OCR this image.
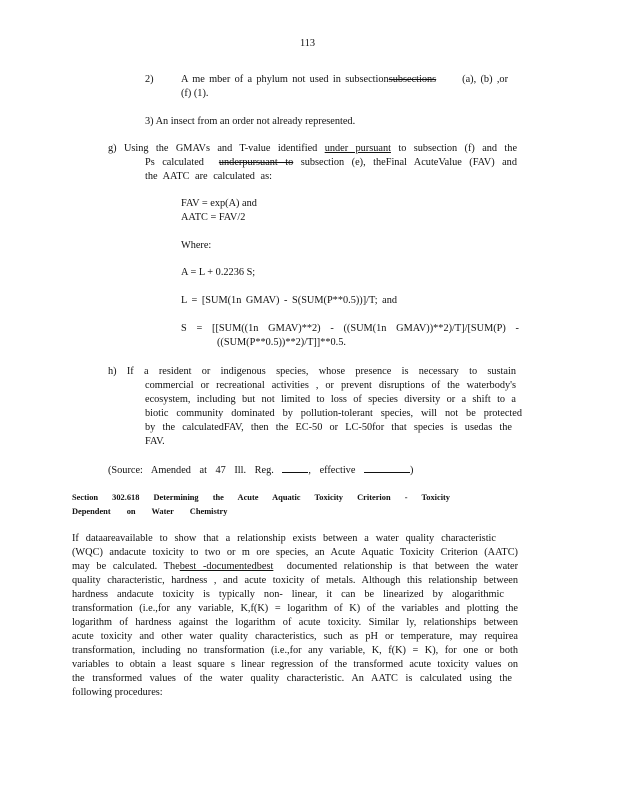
113
2)	A me mber of a phylum not used in subsectionsubsections	(a), (b) ,or
(f) (1).
3) An insect from an order not already represented.
g) Using the GMAVs and T-value identified under pursuant to subsection (f) and the
Ps calculated underpursuant to subsection (e), theFinal AcuteValue (FAV) and
the AATC are calculated as:
FAV = exp(A) and
AATC = FAV/2
Where:
A = L + 0.2236 S;
L = [SUM(1n GMAV) - S(SUM(P**0.5))]/T; and
S = [[SUM((1n GMAV)**2) - ((SUM(1n GMAV))**2)/T]/[SUM(P) -
((SUM(P**0.5))**2)/T]]**0.5.
h) If a resident or indigenous species, whose presence is necessary to sustain
commercial or recreational activities , or prevent disruptions of the waterbody's
ecosystem, including but not limited to loss of species diversity or a shift to a
biotic community dominated by pollution-tolerant species, will not be protected
by the calculatedFAV, then the EC-50 or LC-50for that species is usedas the
FAV.
(Source: Amended at 47 Ill. Reg.	, effective	)
Section 302.618 Determining the Acute Aquatic Toxicity Criterion - Toxicity
Dependent on Water Chemistry
If dataareavailable to show that a relationship exists between a water quality characteristic
(WQC) andacute toxicity to two or m ore species, an Acute Aquatic Toxicity Criterion (AATC)
may be calculated. Thebest -documentedbest documented relationship is that between the water
quality characteristic, hardness , and acute toxicity of metals. Although this relationship between
hardness andacute toxicity is typically non- linear, it can be linearized by alogarithmic
transformation (i.e.,for any variable, K,f(K) = logarithm of K) of the variables and plotting the
logarithm of hardness against the logarithm of acute toxicity. Similar ly, relationships between
acute toxicity and other water quality characteristics, such as pH or temperature, may requirea
transformation, including no transformation (i.e.,for any variable, K, f(K) = K), for one or both
variables to obtain a least square s linear regression of the transformed acute toxicity values on
the transformed values of the water quality characteristic. An AATC is calculated using the
following procedures:
